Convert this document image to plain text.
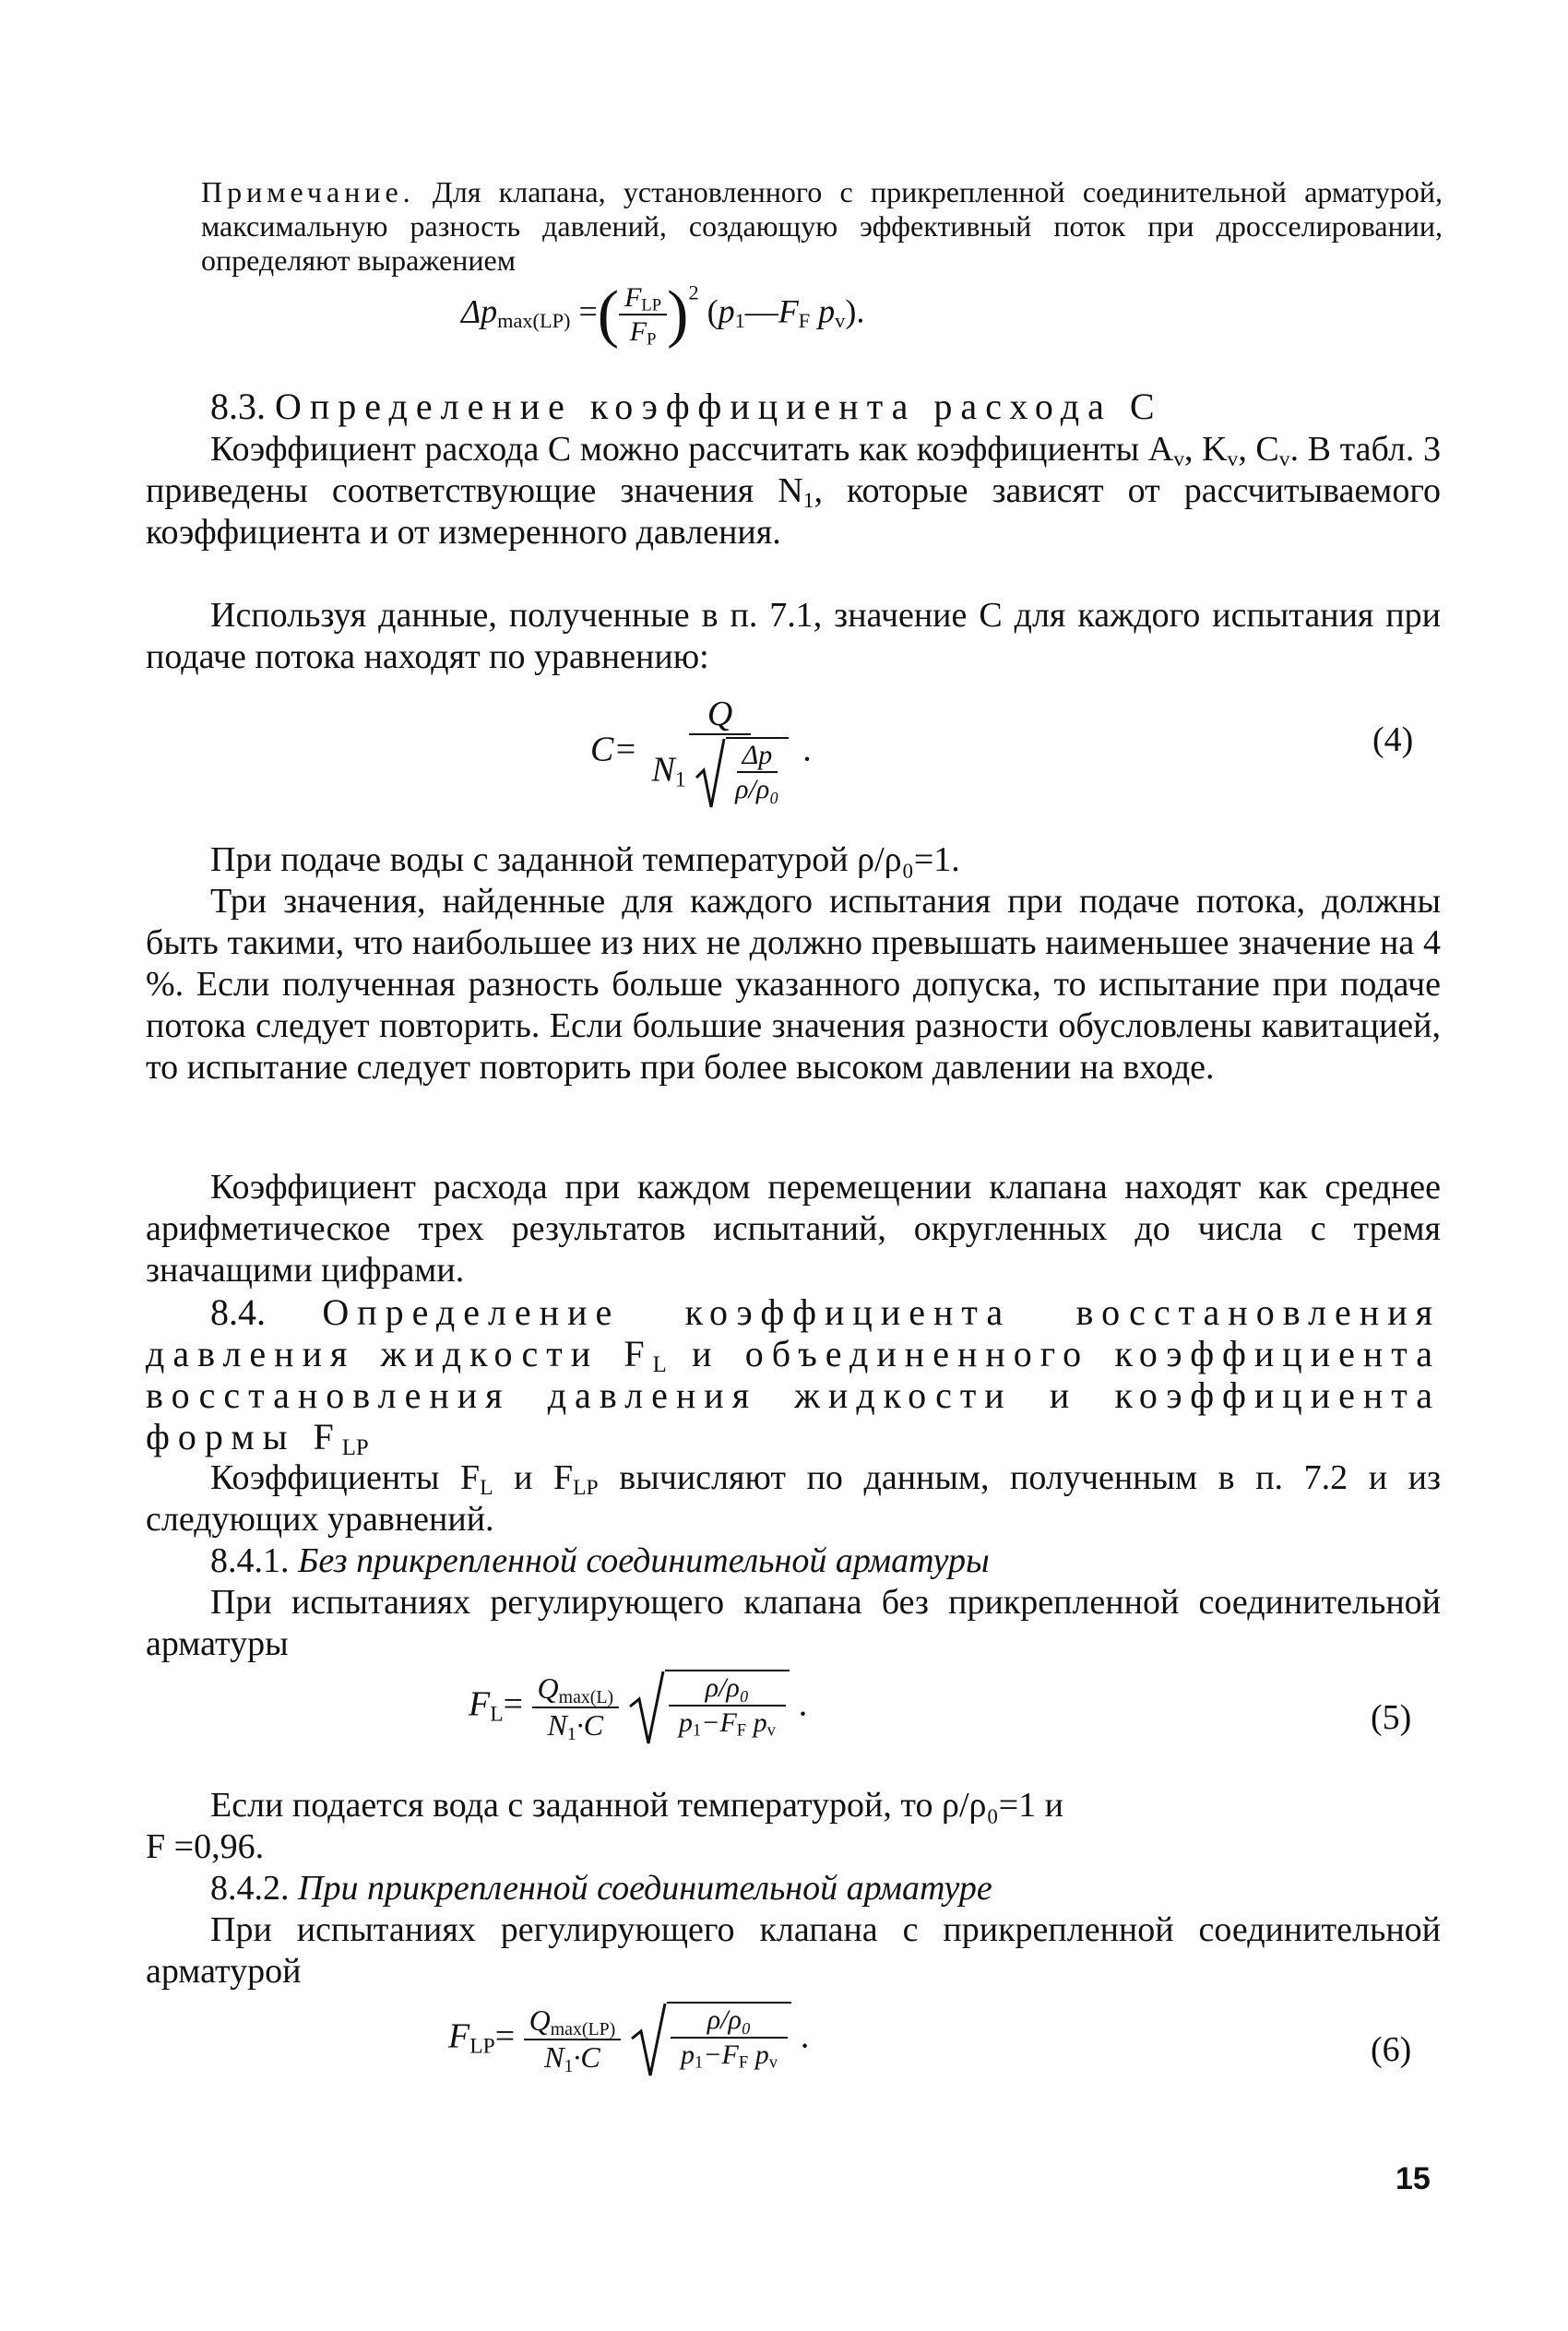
Примечание. Для клапана, установленного с прикрепленной соединительной арматурой, максимальную разность давлений, создающую эффективный поток при дросселировании, определяют выражением

$\Delta p_{max(LP)}$ =( $\frac{F_{LP}}{F_P} )^2$ ($p_1—F_F$ $p_v$).

8.3. Определение коэффициента расхода C

Коэффициент расхода C можно рассчитать как коэффициенты $A_v$, $K_v$, $C_v$. В табл. 3 приведены соответствующие значения $N_1$, которые зависят от рассчитываемого коэффициента и от измеренного давления.

Используя данные, полученные в п. 7.1, значение C для каждого испытания при подаче потока находят по уравнению:

$C= \frac{Q}{N_1 \frac{\Delta p}{\text{ρ/ρ₀}}}$ .	(4)

При подаче воды с заданной температурой ρ/ρ₀=1.

Три значения, найденные для каждого испытания при подаче потока, должны быть такими, что наибольшее из них не должно превышать наименьшее значение на 4 %. Если полученная разность больше указанного допуска, то испытание при подаче потока следует повторить. Если большие значения разности обусловлены кавитацией, то испытание следует повторить при более высоком давлении на входе.

Коэффициент расхода при каждом перемещении клапана находят как среднее арифметическое трех результатов испытаний, округленных до числа с тремя значащими цифрами.

8.4. Определение коэффициента восстановления давления жидкости $F_L$ и объединенного коэффициента восстановления давления жидкости и коэффициента формы $F_{LP}$

Коэффициенты $F_L$ и $F_{LP}$ вычисляют по данным, полученным в п. 7.2 и из следующих уравнений.

8.4.1. Без прикрепленной соединительной арматуры

При испытаниях регулирующего клапана без прикрепленной соединительной арматуры

$F_L= \frac{Q_{max(L)}}{N_1\cdot C}$
$\frac{\text{ρ/ρ₀}}{p_1-F_F p_v}$ .	(5)

Если подается вода с заданной температурой, то ρ/ρ₀=1 и

F =0,96.

8.4.2. При прикрепленной соединительной арматуре

При испытаниях регулирующего клапана с прикрепленной соединительной арматурой

$F_{LP}= \frac{Q_{max(LP)}}{N_1\cdot C}$
$\frac{\text{ρ/ρ₀}}{p_1-F_F p_v}$ .	(6)
15
